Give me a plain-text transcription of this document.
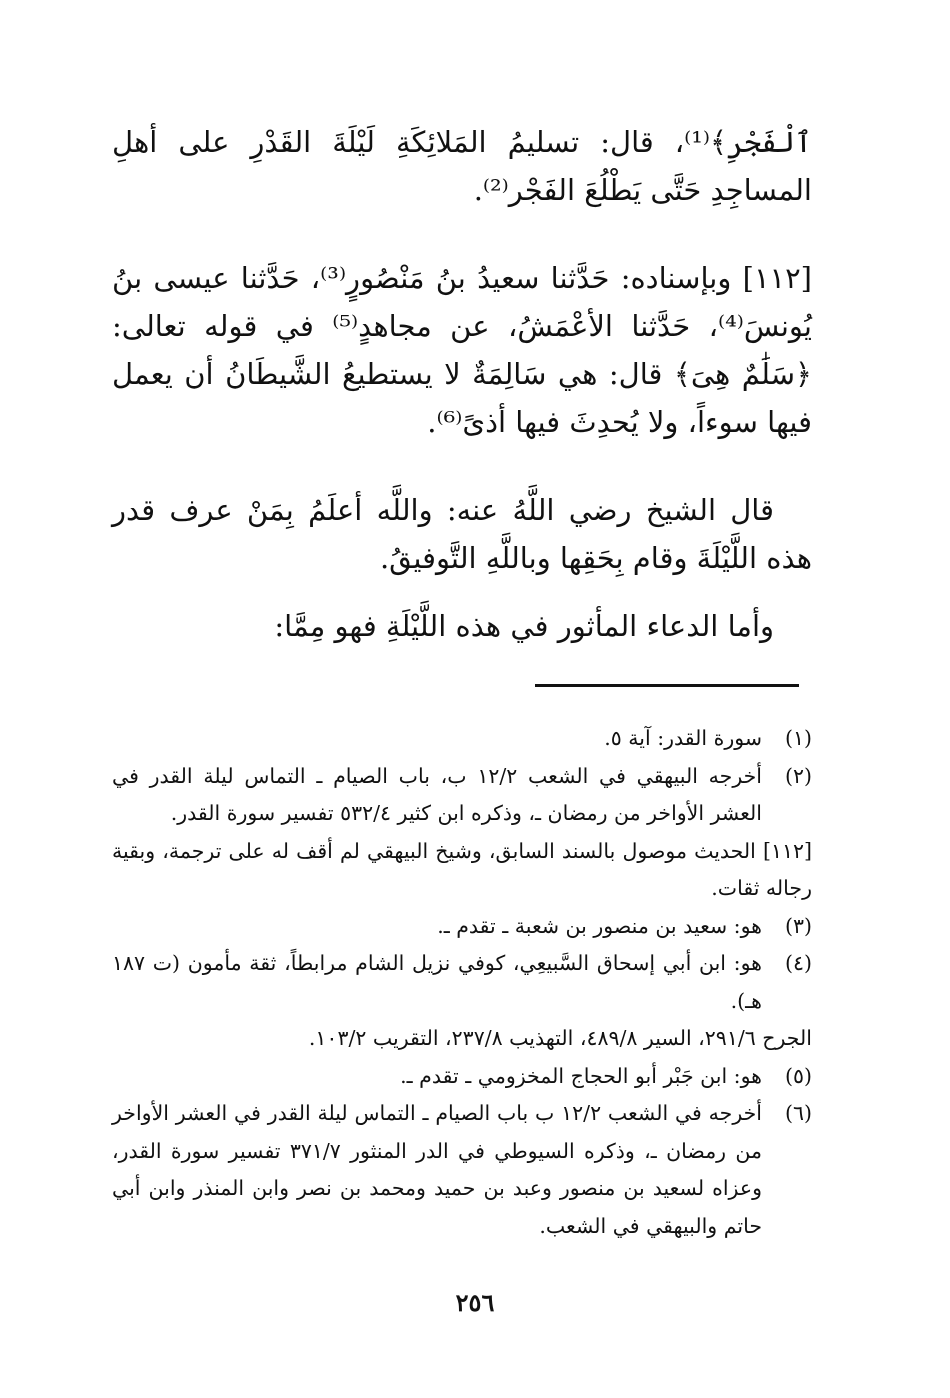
ٱلْفَجْرِ﴾⁽¹⁾، قال: تسليمُ المَلائِكَةِ لَيْلَةَ القَدْرِ على أهلِ المساجِدِ حَتَّى يَطْلُعَ الفَجْر⁽²⁾.

[١١٢] وبإسناده: حَدَّثنا سعيدُ بنُ مَنْصُورٍ⁽³⁾، حَدَّثنا عيسى بنُ يُونسَ⁽⁴⁾، حَدَّثنا الأعْمَشُ، عن مجاهدٍ⁽⁵⁾ في قوله تعالى: ﴿سَلَٰمٌ هِىَ﴾ قال: هي سَالِمَةٌ لا يستطيعُ الشَّيطَانُ أن يعمل فيها سوءاً، ولا يُحدِثَ فيها أذىً⁽⁶⁾.

قال الشيخ رضي اللَّهُ عنه: واللَّه أعلَمُ بِمَنْ عرف قدر هذه اللَّيْلَةَ وقام بِحَقِها وباللَّهِ التَّوفيقُ.

وأما الدعاء المأثور في هذه اللَّيْلَةِ فهو مِمَّا:

(١)
سورة القدر: آية ٥.
(٢)
أخرجه البيهقي في الشعب ١٢/٢ ب، باب الصيام ـ التماس ليلة القدر في العشر الأواخر من رمضان ـ، وذكره ابن كثير ٥٣٢/٤ تفسير سورة القدر.
[١١٢] الحديث موصول بالسند السابق، وشيخ البيهقي لم أقف له على ترجمة، وبقية رجاله ثقات.
(٣)
هو: سعيد بن منصور بن شعبة ـ تقدم ـ.
(٤)
هو: ابن أبي إسحاق السَّبيعِي، كوفي نزيل الشام مرابطاً، ثقة مأمون (ت ١٨٧ هـ).
الجرح ٢٩١/٦، السير ٤٨٩/٨، التهذيب ٢٣٧/٨، التقريب ١٠٣/٢.
(٥)
هو: ابن جَبْر أبو الحجاج المخزومي ـ تقدم ـ.
(٦)
أخرجه في الشعب ١٢/٢ ب باب الصيام ـ التماس ليلة القدر في العشر الأواخر من رمضان ـ، وذكره السيوطي في الدر المنثور ٣٧١/٧ تفسير سورة القدر، وعزاه لسعيد بن منصور وعبد بن حميد ومحمد بن نصر وابن المنذر وابن أبي حاتم والبيهقي في الشعب.
٢٥٦
